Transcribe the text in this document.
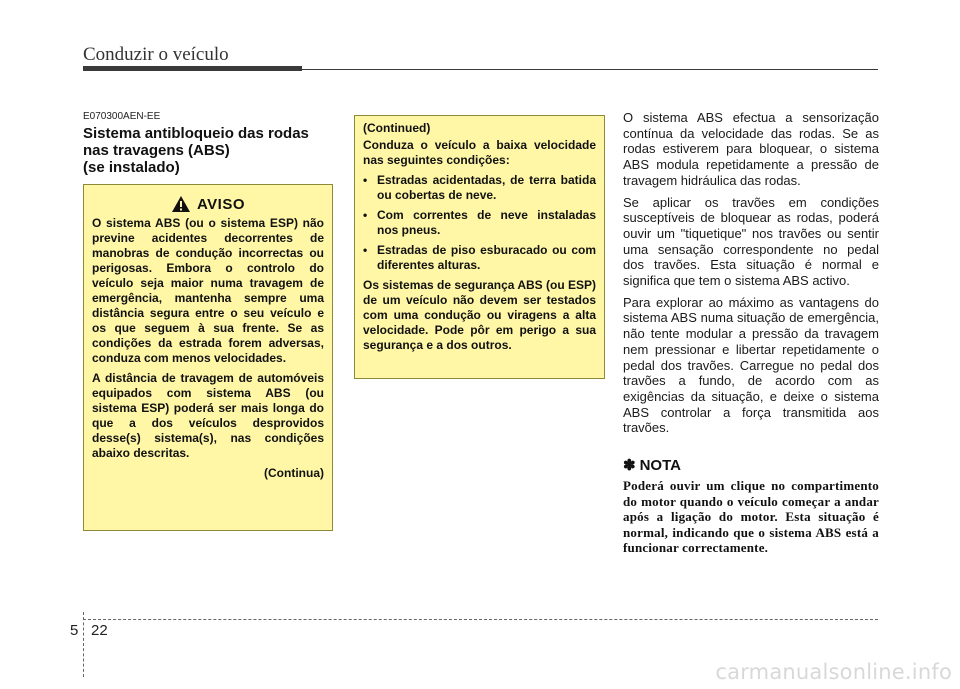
Conduzir o veículo
E070300AEN-EE
Sistema antibloqueio das rodas
nas travagens (ABS)
(se instalado)
AVISO

O sistema ABS (ou o sistema ESP) não previne acidentes decorrentes de manobras de condução incorrectas ou perigosas. Embora o controlo do veículo seja maior numa travagem de emergência, mantenha sempre uma distância segura entre o seu veículo e os que seguem à sua frente. Se as condições da estrada forem adversas, conduza com menos velocidades.

A distância de travagem de automóveis equipados com sistema ABS (ou sistema ESP) poderá ser mais longa do que a dos veículos desprovidos desse(s) sistema(s), nas condições abaixo descritas.

(Continua)

(Continued)

Conduza o veículo a baixa velocidade nas seguintes condições:

• Estradas acidentadas, de terra batida ou cobertas de neve.
• Com correntes de neve instaladas nos pneus.
• Estradas de piso esburacado ou com diferentes alturas.

Os sistemas de segurança ABS (ou ESP) de um veículo não devem ser testados com uma condução ou viragens a alta velocidade. Pode pôr em perigo a sua segurança e a dos outros.

O sistema ABS efectua a sensorização contínua da velocidade das rodas. Se as rodas estiverem para bloquear, o sistema ABS modula repetidamente a pressão de travagem hidráulica das rodas.

Se aplicar os travões em condições susceptíveis de bloquear as rodas, poderá ouvir um "tiquetique" nos travões ou sentir uma sensação correspondente no pedal dos travões. Esta situação é normal e significa que tem o sistema ABS activo.

Para explorar ao máximo as vantagens do sistema ABS numa situação de emergência, não tente modular a pressão da travagem nem pressionar e libertar repetidamente o pedal dos travões. Carregue no pedal dos travões a fundo, de acordo com as exigências da situação, e deixe o sistema ABS controlar a força transmitida aos travões.

✽ NOTA

Poderá ouvir um clique no compartimento do motor quando o veículo começar a andar após a ligação do motor. Esta situação é normal, indicando que o sistema ABS está a funcionar correctamente.

5 22
carmanualsonline.info
